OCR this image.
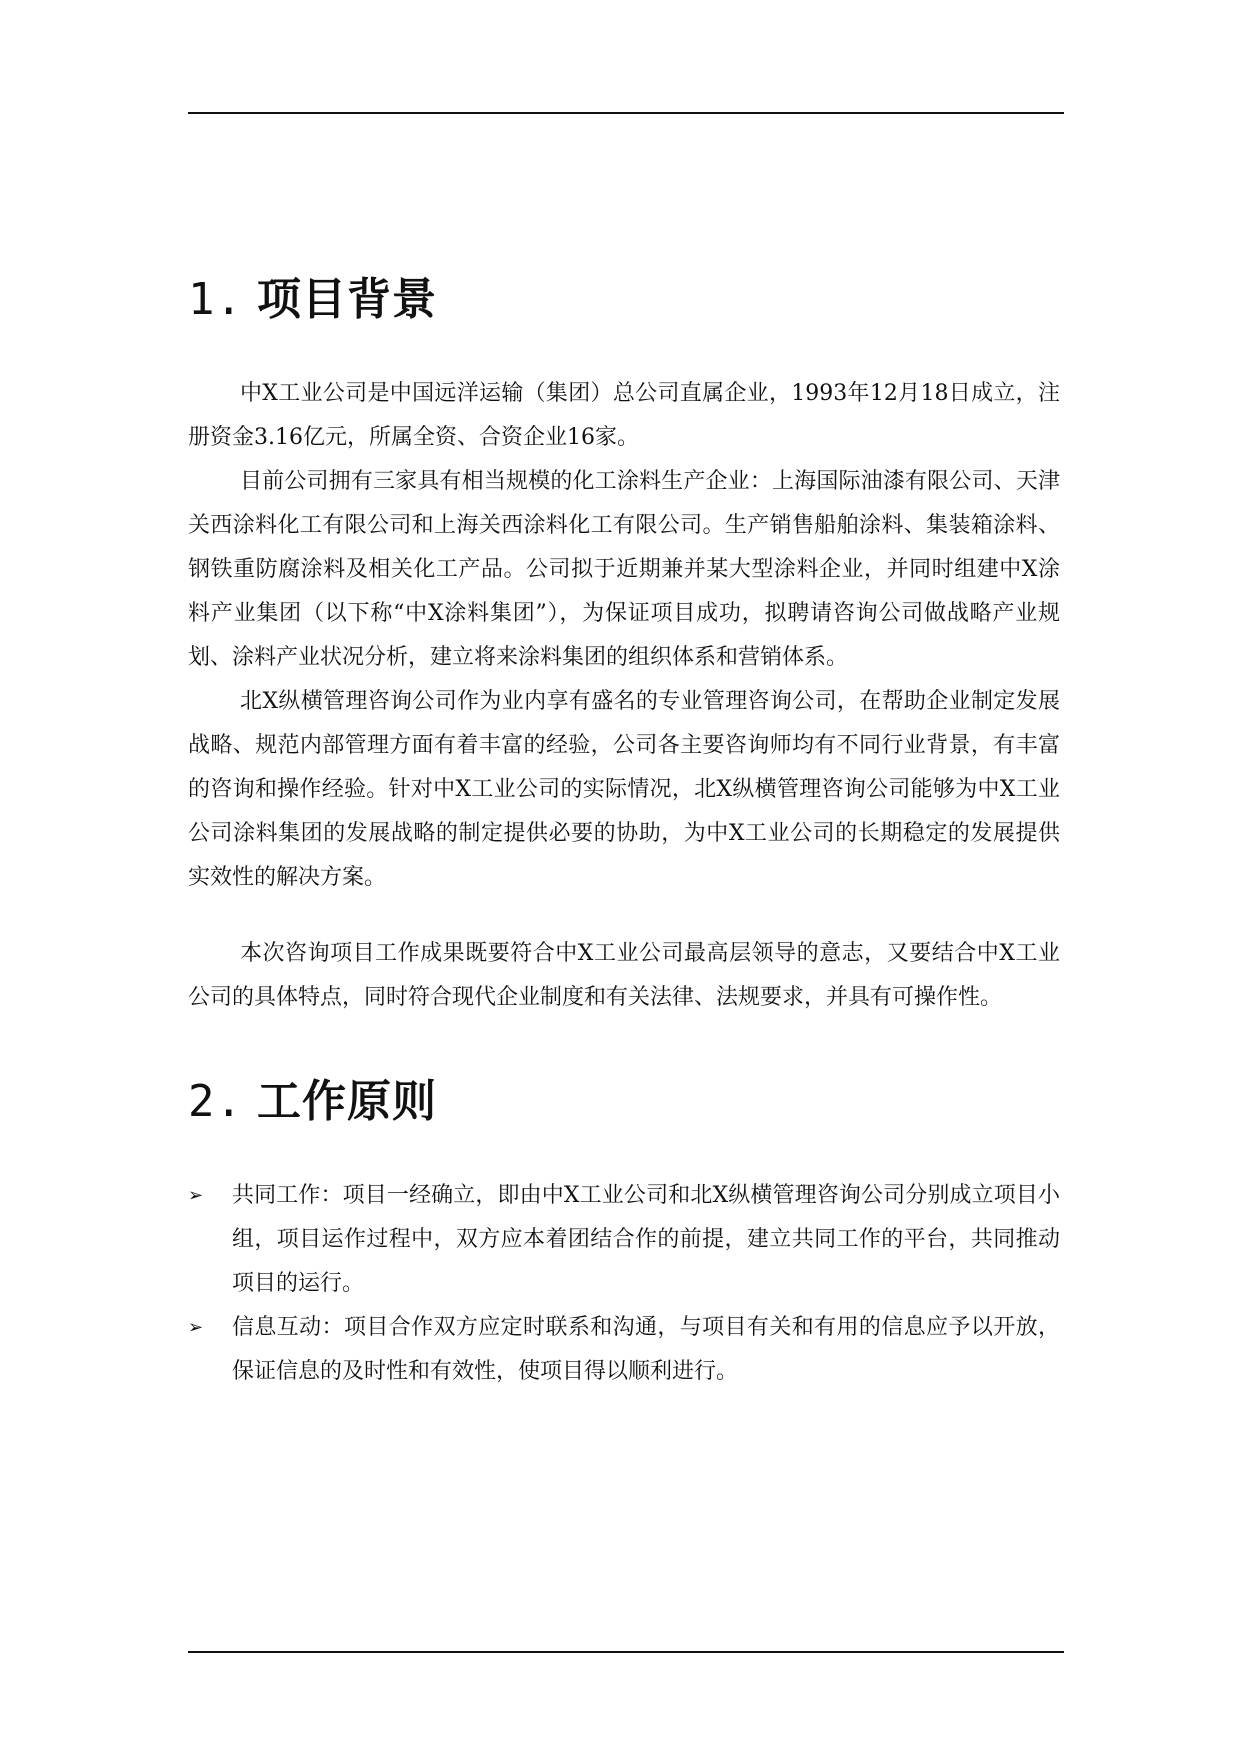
1. 项目背景

中X工业公司是中国远洋运输（集团）总公司直属企业，1993年12月18日成立，注册资金3.16亿元，所属全资、合资企业16家。

目前公司拥有三家具有相当规模的化工涂料生产企业：上海国际油漆有限公司、天津关西涂料化工有限公司和上海关西涂料化工有限公司。生产销售船舶涂料、集装箱涂料、钢铁重防腐涂料及相关化工产品。公司拟于近期兼并某大型涂料企业，并同时组建中X涂料产业集团（以下称“中X涂料集团”），为保证项目成功，拟聘请咨询公司做战略产业规划、涂料产业状况分析，建立将来涂料集团的组织体系和营销体系。

北X纵横管理咨询公司作为业内享有盛名的专业管理咨询公司，在帮助企业制定发展战略、规范内部管理方面有着丰富的经验，公司各主要咨询师均有不同行业背景，有丰富的咨询和操作经验。针对中X工业公司的实际情况，北X纵横管理咨询公司能够为中X工业公司涂料集团的发展战略的制定提供必要的协助，为中X工业公司的长期稳定的发展提供实效性的解决方案。

本次咨询项目工作成果既要符合中X工业公司最高层领导的意志，又要结合中X工业公司的具体特点，同时符合现代企业制度和有关法律、法规要求，并具有可操作性。

2. 工作原则
➢ 共同工作：项目一经确立，即由中X工业公司和北X纵横管理咨询公司分别成立项目小组，项目运作过程中，双方应本着团结合作的前提，建立共同工作的平台，共同推动项目的运行。
➢ 信息互动：项目合作双方应定时联系和沟通，与项目有关和有用的信息应予以开放，保证信息的及时性和有效性，使项目得以顺利进行。
